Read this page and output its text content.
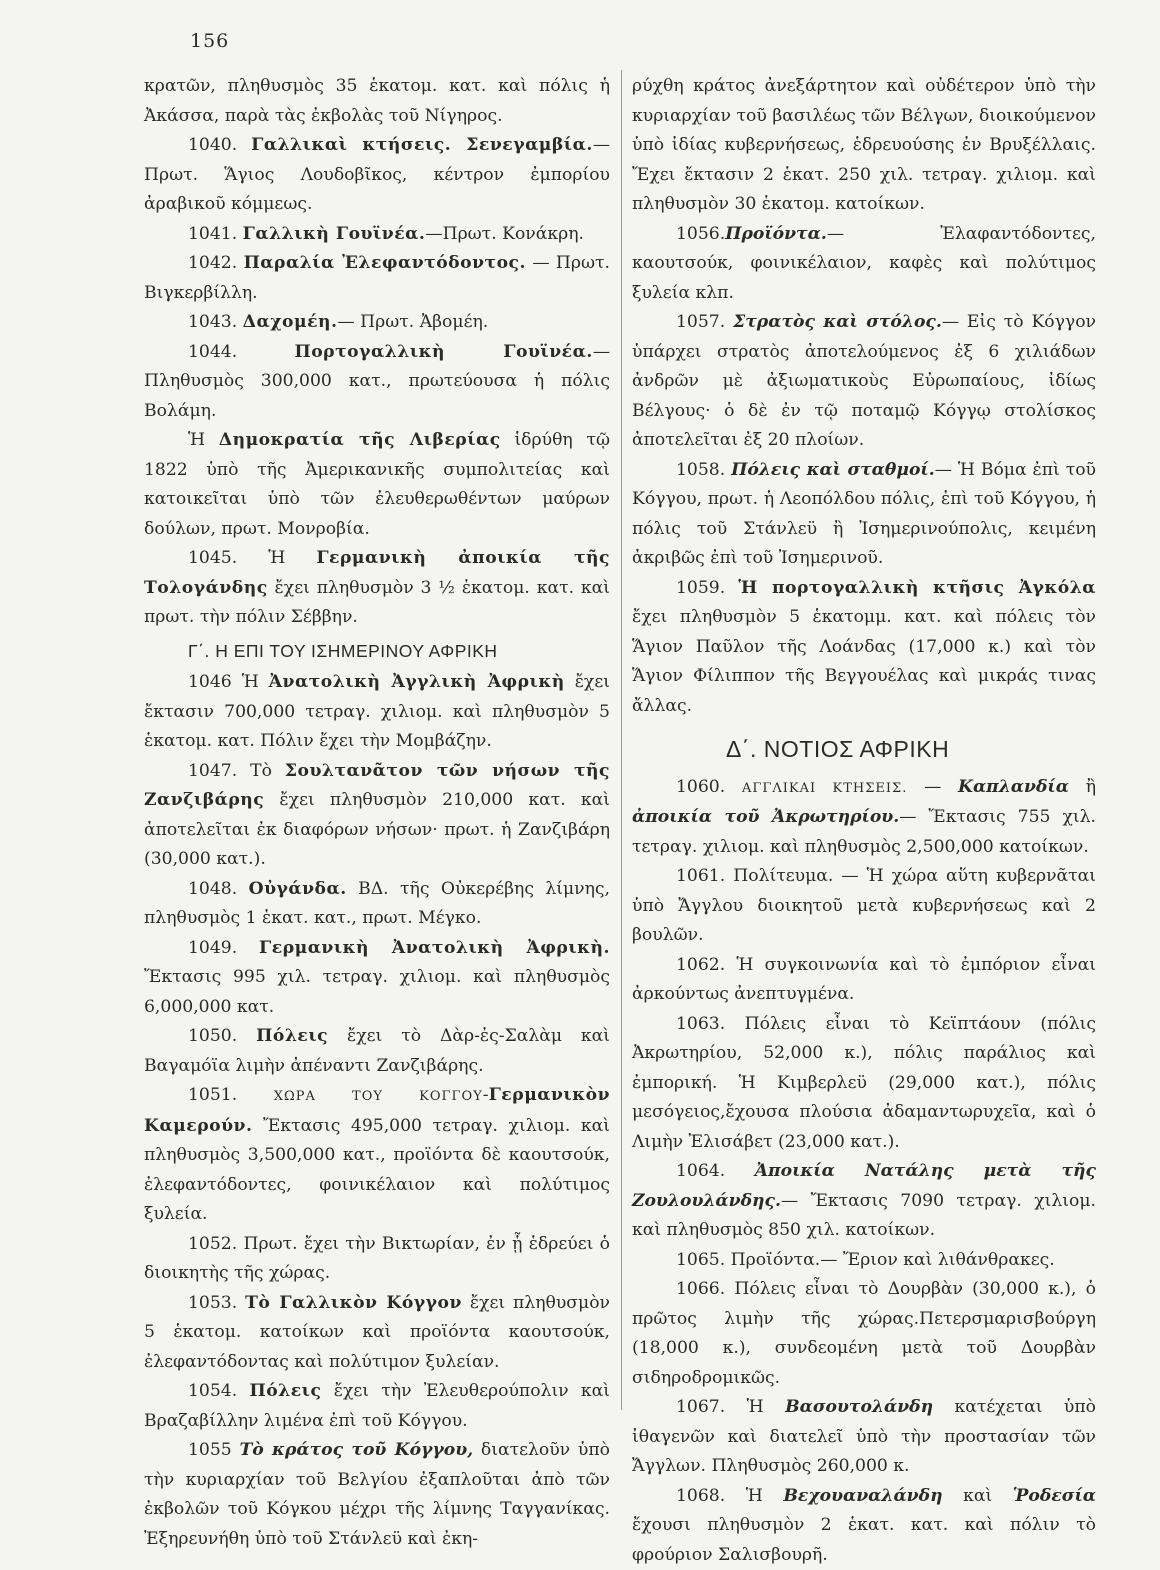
156

κρατῶν, πληθυσμὸς 35 ἑκατομ. κατ. καὶ πόλις ἡ Ἀκάσσα, παρὰ τὰς ἐκβολὰς τοῦ Νίγηρος.

1040. Γαλλικαὶ κτήσεις. Σενεγαμβία.— Πρωτ. Ἅγιος Λουδοβῖκος, κέντρον ἐμπορίου ἀραβικοῦ κόμμεως.

1041. Γαλλικὴ Γουϊνέα.—Πρωτ. Κονάκρη.

1042. Παραλία Ἐλεφαντόδοντος. — Πρωτ. Βιγκερβίλλη.

1043. Δαχομέη.— Πρωτ. Ἀβομέη.

1044. Πορτογαλλικὴ Γουϊνέα.— Πληθυσμὸς 300,000 κατ., πρωτεύουσα ἡ πόλις Βολάμη.

Ἡ Δημοκρατία τῆς Λιβερίας ἱδρύθη τῷ 1822 ὑπὸ τῆς Ἀμερικανικῆς συμπολιτείας καὶ κατοικεῖται ὑπὸ τῶν ἐλευθερωθέντων μαύρων δούλων, πρωτ. Μονροβία.

1045. Ἡ Γερμανικὴ ἀποικία τῆς Τολογάνδης ἔχει πληθυσμὸν 3 ½ ἑκατομ. κατ. καὶ πρωτ. τὴν πόλιν Σέββην.

Γ΄. Η ΕΠΙ ΤΟΥ ΙΣΗΜΕΡΙΝΟΥ ΑΦΡΙΚΗ

1046 Ἡ Ἀνατολικὴ Ἀγγλικὴ Ἀφρικὴ ἔχει ἔκτασιν 700,000 τετραγ. χιλιομ. καὶ πληθυσμὸν 5 ἑκατομ. κατ. Πόλιν ἔχει τὴν Μομβάζην.

1047. Τὸ Σουλτανᾶτον τῶν νήσων τῆς Ζανζιβάρης ἔχει πληθυσμὸν 210,000 κατ. καὶ ἀποτελεῖται ἐκ διαφόρων νήσων· πρωτ. ἡ Ζανζιβάρη (30,000 κατ.).

1048. Οὐγάνδα. ΒΔ. τῆς Οὐκερέβης λίμνης, πληθυσμὸς 1 ἑκατ. κατ., πρωτ. Μέγκο.

1049. Γερμανικὴ Ἀνατολικὴ Ἀφρικὴ. Ἔκτασις 995 χιλ. τετραγ. χιλιομ. καὶ πληθυσμὸς 6,000,000 κατ.

1050. Πόλεις ἔχει τὸ Δὰρ-ἐς-Σαλὰμ καὶ Βαγαμόϊα λιμὴν ἀπέναντι Ζανζιβάρης.

1051. ΧΩΡΑ ΤΟΥ ΚΟΓΓΟΥ-Γερμανικὸν Καμερούν. Ἔκτασις 495,000 τετραγ. χιλιομ. καὶ πληθυσμὸς 3,500,000 κατ., προϊόντα δὲ καουτσούκ, ἐλεφαντόδοντες, φοινικέλαιον καὶ πολύτιμος ξυλεία.

1052. Πρωτ. ἔχει τὴν Βικτωρίαν, ἐν ᾗ ἑδρεύει ὁ διοικητὴς τῆς χώρας.

1053. Τὸ Γαλλικὸν Κόγγον ἔχει πληθυσμὸν 5 ἑκατομ. κατοίκων καὶ προϊόντα καουτσούκ, ἐλεφαντόδοντας καὶ πολύτιμον ξυλείαν.

1054. Πόλεις ἔχει τὴν Ἐλευθερούπολιν καὶ Βραζαβίλλην λιμένα ἐπὶ τοῦ Κόγγου.

1055 Τὸ κράτος τοῦ Κόγγου, διατελοῦν ὑπὸ τὴν κυριαρχίαν τοῦ Βελγίου ἐξαπλοῦται ἀπὸ τῶν ἐκβολῶν τοῦ Κόγκου μέχρι τῆς λίμνης Ταγγανίκας. Ἐξηρευνήθη ὑπὸ τοῦ Στάνλεϋ καὶ ἐκη-

ρύχθη κράτος ἀνεξάρτητον καὶ οὐδέτερον ὑπὸ τὴν κυριαρχίαν τοῦ βασιλέως τῶν Βέλγων, διοικούμενον ὑπὸ ἰδίας κυβερνήσεως, ἑδρευούσης ἐν Βρυξέλλαις. Ἔχει ἔκτασιν 2 ἑκατ. 250 χιλ. τετραγ. χιλιομ. καὶ πληθυσμὸν 30 ἑκατομ. κατοίκων.

1056.Προϊόντα.— Ἐλαφαντόδοντες, καουτσούκ, φοινικέλαιον, καφὲς καὶ πολύτιμος ξυλεία κλπ.

1057. Στρατὸς καὶ στόλος.— Εἰς τὸ Κόγγον ὑπάρχει στρατὸς ἀποτελούμενος ἐξ 6 χιλιάδων ἀνδρῶν μὲ ἀξιωματικοὺς Εὐρωπαίους, ἰδίως Βέλγους· ὁ δὲ ἐν τῷ ποταμῷ Κόγγῳ στολίσκος ἀποτελεῖται ἐξ 20 πλοίων.

1058. Πόλεις καὶ σταθμοί.— Ἡ Βόμα ἐπὶ τοῦ Κόγγου, πρωτ. ἡ Λεοπόλδου πόλις, ἐπὶ τοῦ Κόγγου, ἡ πόλις τοῦ Στάνλεϋ ἢ Ἰσημερινούπολις, κειμένη ἀκριβῶς ἐπὶ τοῦ Ἰσημερινοῦ.

1059. Ἡ πορτογαλλικὴ κτῆσις Ἀγκόλα ἔχει πληθυσμὸν 5 ἑκατομμ. κατ. καὶ πόλεις τὸν Ἅγιον Παῦλον τῆς Λοάνδας (17,000 κ.) καὶ τὸν Ἅγιον Φίλιππον τῆς Βεγγουέλας καὶ μικράς τινας ἄλλας.

Δ΄. ΝΟΤΙΟΣ ΑΦΡΙΚΗ

1060. ΑΓΓΛΙΚΑΙ ΚΤΗΣΕΙΣ. — Καπλανδία ἢ ἀποικία τοῦ Ἀκρωτηρίου.— Ἔκτασις 755 χιλ. τετραγ. χιλιομ. καὶ πληθυσμὸς 2,500,000 κατοίκων.

1061. Πολίτευμα. — Ἡ χώρα αὕτη κυβερνᾶται ὑπὸ Ἄγγλου διοικητοῦ μετὰ κυβερνήσεως καὶ 2 βουλῶν.

1062. Ἡ συγκοινωνία καὶ τὸ ἐμπόριον εἶναι ἀρκούντως ἀνεπτυγμένα.

1063. Πόλεις εἶναι τὸ Κεϊπτάουν (πόλις Ἀκρωτηρίου, 52,000 κ.), πόλις παράλιος καὶ ἐμπορική. Ἡ Κιμβερλεϋ (29,000 κατ.), πόλις μεσόγειος,ἔχουσα πλούσια ἀδαμαντωρυχεῖα, καὶ ὁ Λιμὴν Ἐλισάβετ (23,000 κατ.).

1064. Ἀποικία Νατάλης μετὰ τῆς Ζουλουλάνδης.— Ἔκτασις 7090 τετραγ. χιλιομ. καὶ πληθυσμὸς 850 χιλ. κατοίκων.

1065. Προϊόντα.— Ἔριον καὶ λιθάνθρακες.

1066. Πόλεις εἶναι τὸ Δουρβὰν (30,000 κ.), ὁ πρῶτος λιμὴν τῆς χώρας.Πετερσμαρισβούργη (18,000 κ.), συνδεομένη μετὰ τοῦ Δουρβὰν σιδηροδρομικῶς.

1067. Ἡ Βασουτολάνδη κατέχεται ὑπὸ ἰθαγενῶν καὶ διατελεῖ ὑπὸ τὴν προστασίαν τῶν Ἄγγλων. Πληθυσμὸς 260,000 κ.

1068. Ἡ Βεχουαναλάνδη καὶ Ῥοδεσία ἔχουσι πληθυσμὸν 2 ἑκατ. κατ. καὶ πόλιν τὸ φρούριον Σαλισβουρῆ.
